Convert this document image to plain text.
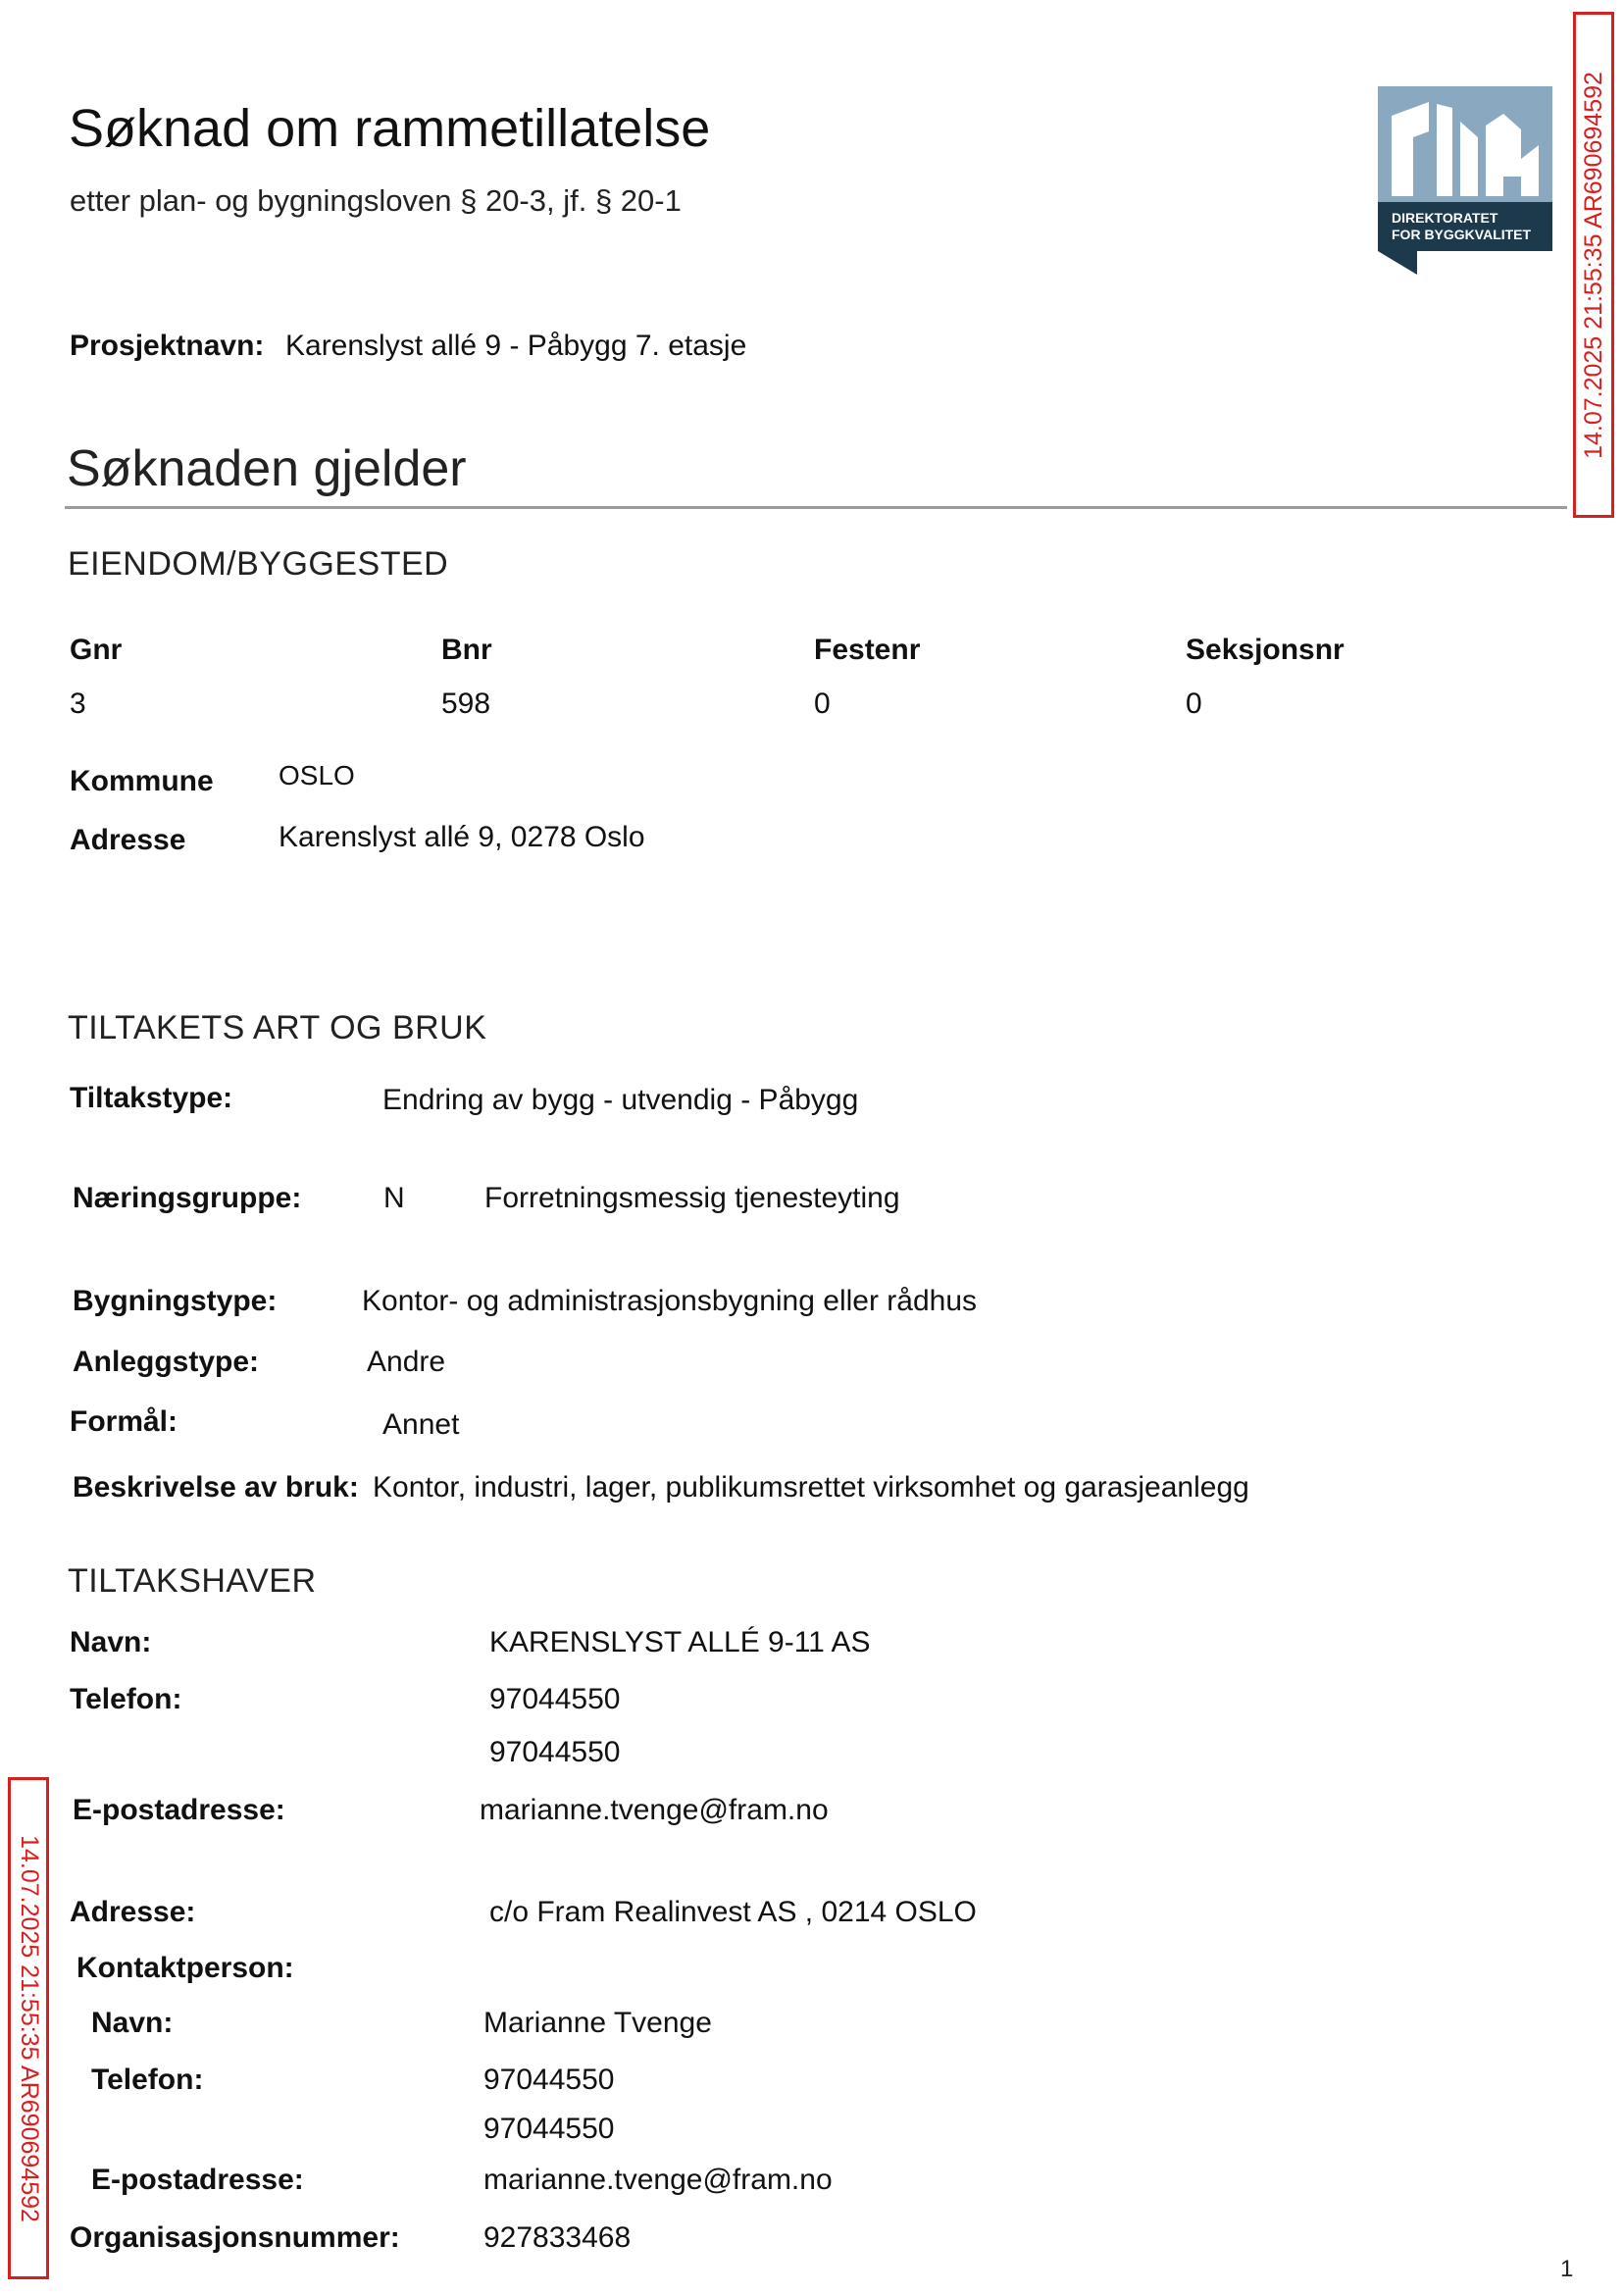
Søknad om rammetillatelse
etter plan- og bygningsloven § 20-3, jf. § 20-1	DIREKTORATET
FOR BYGGKVALITET 14.07.2025 21:55:35 AR690694592
14.07.2025 21:55:35 AR690694592
Prosjektnavn: Karenslyst allé 9 - Påbygg 7. etasje
Søknaden gjelder
EIENDOM/BYGGESTED
Gnr	Bnr	Festenr	Seksjonsnr
3	598	0	0
Kommune OSLO
Adresse	Karenslyst allé 9, 0278 Oslo
TILTAKETS ART OG BRUK
Tiltakstype:	Endring av bygg - utvendig - Påbygg
Næringsgruppe:	N	Forretningsmessig tjenesteyting
Bygningstype:	Kontor- og administrasjonsbygning eller rådhus
Anleggstype:	Andre
Formål:	Annet
Beskrivelse av bruk: Kontor, industri, lager, publikumsrettet virksomhet og garasjeanlegg
TILTAKSHAVER
Navn:	KARENSLYST ALLÉ 9-11 AS
Telefon:	97044550
97044550
E-postadresse:	marianne.tvenge@fram.no
Adresse:	c/o Fram Realinvest AS , 0214 OSLO
Kontaktperson:
Navn:	Marianne Tvenge
Telefon:	97044550
97044550
E-postadresse:	marianne.tvenge@fram.no
Organisasjonsnummer:	927833468
1
